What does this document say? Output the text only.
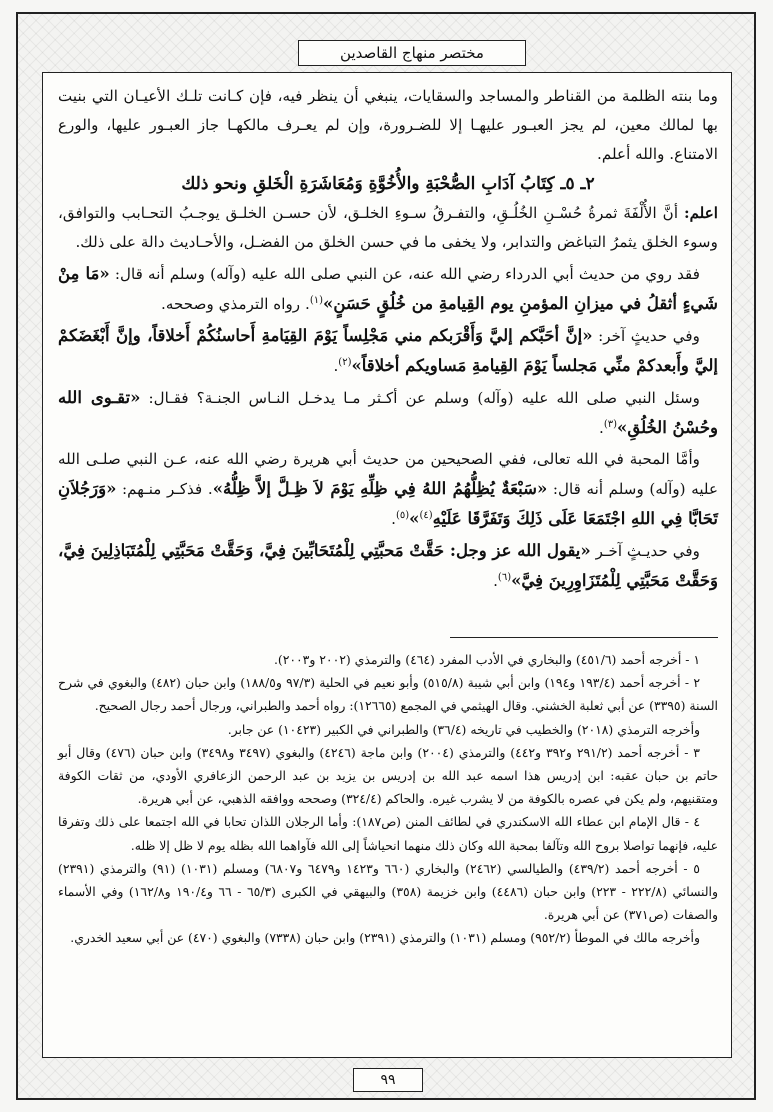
مختصر منهاج القاصدين

وما بنته الظلمة من القناطر والمساجد والسقايات، ينبغي أن ينظر فيه، فإن كـانت تلـك الأعيـان التي بنيت بها لمالك معين، لم يجز العبـور عليهـا إلا للضـرورة، وإن لم يعـرف مالكهـا جاز العبـور عليها، والورع الامتناع. والله أعلم.

٢ـ ٥ـ كِتَابُ آدَابِ الصُّحْبَةِ والأُخُوَّةِ وَمُعَاشَرَةِ الْخَلقِ ونحو ذلك

اعلم: أنَّ الأُلْفَةَ ثمرةُ حُسْـنِ الخُلُـقِ، والتفـرقُ سـوءِ الخلـق، لأن حسـن الخلـق يوجـبُ التحـابب والتوافق، وسوء الخلق يثمرُ التباغض والتدابر، ولا يخفى ما في حسن الخلق من الفضـل، والأحـاديث دالة على ذلك.

فقد روي من حديث أبي الدرداء رضي الله عنه، عن النبي صلى الله عليه (وآله) وسلم أنه قال: «مَا مِنْ شَيءٍ أثقلُ في ميزانِ المؤمنِ يوم القِيامةِ من خُلُقٍ حَسَنٍ»$^{(١)}$. رواه الترمذي وصححه.

وفي حديثٍ آخر: «إنَّ أحَبَّكم إليَّ وَأَقْرَبكم مني مَجْلِساً يَوْمَ القِيَامةِ أَحاسنُكُمْ أَخلاقاً، وإنَّ أَبْغَضَكمْ إليَّ وأَبعدكمْ منِّي مَجلساً يَوْمَ القِيامةِ مَساويكم أخلاقاً»$^{(٢)}$.

وسئل النبي صلى الله عليه (وآله) وسلم عن أكـثر مـا يدخـل النـاس الجنـة؟ فقـال: «تقـوى الله وحُسْنُ الخُلُقِ»$^{(٣)}$.

وأمَّا المحبة في الله تعالى، ففي الصحيحين من حديث أبي هريرة رضي الله عنه، عـن النبي صلـى الله عليه (وآله) وسلم أنه قال: «سَبْعَةٌ يُظِلُّهُمُ اللهُ فِي ظِلِّهِ يَوْمَ لاَ ظِـلَّ إلاَّ ظِلُّهُ». فذكـر منـهم: «وَرَجُلاَنِ تَحَابَّا فِي اللهِ اجْتَمَعَا عَلَى ذَلِكَ وَتَفَرَّقَا عَلَيْهِ$^{(٤)}$»$^{(٥)}$.

وفي حديـثٍ آخـر «يقول الله عز وجل: حَقَّتْ مَحبَّتِي لِلْمُتَحَابِّينَ فِيَّ، وَحَقَّتْ مَحَبَّتِي لِلْمُتَبَاذِلِينَ فِيَّ، وَحَقَّتْ مَحَبَّتِي لِلْمُتَزَاوِرِينَ فِيَّ»$^{(٦)}$.

١ - أخرجه أحمد (٤٥١/٦) والبخاري في الأدب المفرد (٤٦٤) والترمذي (٢٠٠٢ و٢٠٠٣).

٢ - أخرجه أحمد (١٩٣/٤ و١٩٤) وابن أبي شيبة (٥١٥/٨) وأبو نعيم في الحلية (٩٧/٣ و١٨٨/٥) وابن حبان (٤٨٢) والبغوي في شرح السنة (٣٣٩٥) عن أبي ثعلبة الخشني. وقال الهيثمي في المجمع (١٢٦٦٥): رواه أحمد والطبراني، ورجال أحمد رجال الصحيح.

وأخرجه الترمذي (٢٠١٨) والخطيب في تاريخه (٣٦/٤) والطبراني في الكبير (١٠٤٢٣) عن جابر.

٣ - أخرجه أحمد (٢٩١/٢ و٣٩٢ و٤٤٢) والترمذي (٢٠٠٤) وابن ماجة (٤٢٤٦) والبغوي (٣٤٩٧ و٣٤٩٨) وابن حبان (٤٧٦) وقال أبو حاتم بن حبان عقبه: ابن إدريس هذا اسمه عبد الله بن إدريس بن يزيد بن عبد الرحمن الزعافري الأودي، من ثقات الكوفة ومتقنيهم، ولم يكن في عصره بالكوفة من لا يشرب غيره. والحاكم (٣٢٤/٤) وصححه ووافقه الذهبي، عن أبي هريرة.

٤ - قال الإمام ابن عطاء الله الاسكندري في لطائف المنن (ص١٨٧): وأما الرجلان اللذان تحابا في الله اجتمعا على ذلك وتفرقا عليه، فإنهما تواصلا بروح الله وتآلفا بمحبة الله وكان ذلك منهما انحياشاً إلى الله فآواهما الله بظله يوم لا ظل إلا ظله.

٥ - أخرجه أحمد (٤٣٩/٢) والطيالسي (٢٤٦٢) والبخاري (٦٦٠ و١٤٢٣ و٦٤٧٩ و٦٨٠٧) ومسلم (١٠٣١) (٩١) والترمذي (٢٣٩١) والنسائي (٢٢٢/٨ - ٢٢٣) وابن حبان (٤٤٨٦) وابن خزيمة (٣٥٨) والبيهقي في الكبرى (٦٥/٣ - ٦٦ و١٩٠/٤ و١٦٢/٨) وفي الأسماء والصفات (ص٣٧١) عن أبي هريرة.

وأخرجه مالك في الموطأ (٩٥٢/٢) ومسلم (١٠٣١) والترمذي (٢٣٩١) وابن حبان (٧٣٣٨) والبغوي (٤٧٠) عن أبي سعيد الخدري.

٩٩
